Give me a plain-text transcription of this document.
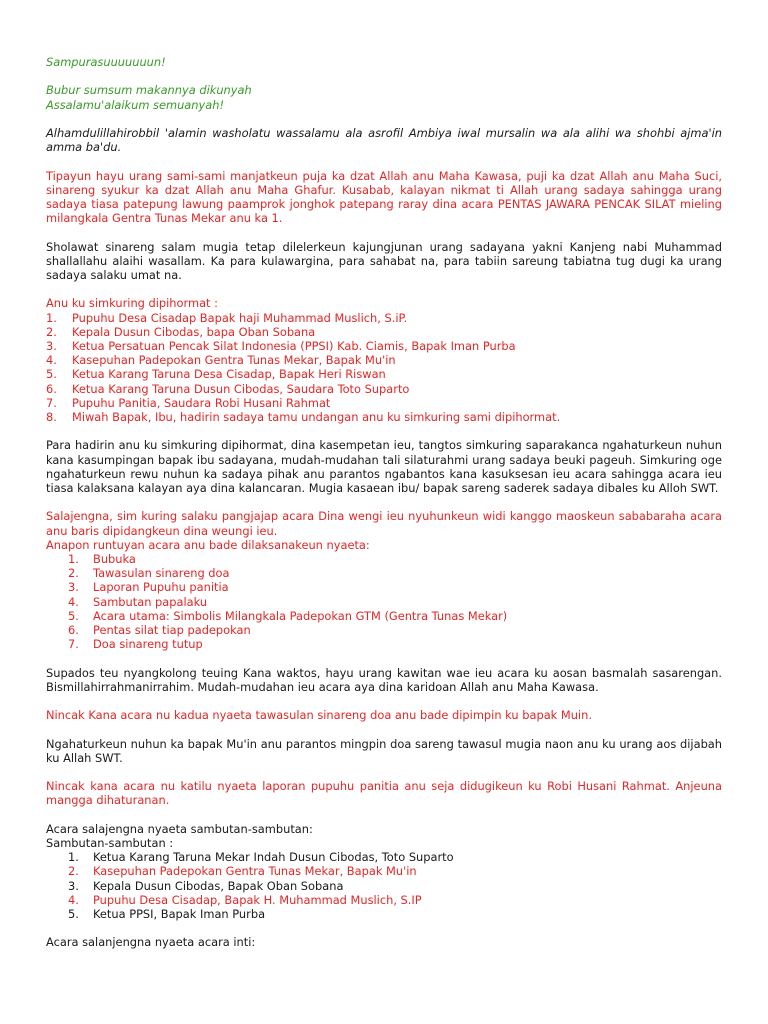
Sampurasuuuuuuun!

Bubur sumsum makannya dikunyah

Assalamu'alaikum semuanyah!

Alhamdulillahirobbil 'alamin washolatu wassalamu ala asrofil Ambiya iwal mursalin wa ala alihi wa shohbi ajma'in amma ba'du.

Tipayun hayu urang sami-sami manjatkeun puja ka dzat Allah anu Maha Kawasa, puji ka dzat Allah anu Maha Suci, sinareng syukur ka dzat Allah anu Maha Ghafur. Kusabab, kalayan nikmat ti Allah urang sadaya sahingga urang sadaya tiasa patepung lawung paamprok jonghok patepang raray dina acara PENTAS JAWARA PENCAK SILAT mieling milangkala Gentra Tunas Mekar anu ka 1.

Sholawat sinareng salam mugia tetap dilelerkeun kajungjunan urang sadayana yakni Kanjeng nabi Muhammad shallallahu alaihi wasallam. Ka para kulawargina, para sahabat na, para tabiin sareung tabiatna tug dugi ka urang sadaya salaku umat na.

Anu ku simkuring dipihormat :

1.	Pupuhu Desa Cisadap Bapak haji Muhammad Muslich, S.iP.
2.	Kepala Dusun Cibodas, bapa Oban Sobana
3.	Ketua Persatuan Pencak Silat Indonesia (PPSI) Kab. Ciamis, Bapak Iman Purba
4.	Kasepuhan Padepokan Gentra Tunas Mekar, Bapak Mu'in
5.	Ketua Karang Taruna Desa Cisadap, Bapak Heri Riswan
6.	Ketua Karang Taruna Dusun Cibodas, Saudara Toto Suparto
7.	Pupuhu Panitia, Saudara Robi Husani Rahmat
8.	Miwah Bapak, Ibu, hadirin sadaya tamu undangan anu ku simkuring sami dipihormat.

Para hadirin anu ku simkuring dipihormat, dina kasempetan ieu, tangtos simkuring saparakanca ngahaturkeun nuhun kana kasumpingan bapak ibu sadayana, mudah-mudahan tali silaturahmi urang sadaya beuki pageuh. Simkuring oge ngahaturkeun rewu nuhun ka sadaya pihak anu parantos ngabantos kana kasuksesan ieu acara sahingga acara ieu tiasa kalaksana kalayan aya dina kalancaran. Mugia kasaean ibu/ bapak sareng saderek sadaya dibales ku Alloh SWT.

Salajengna, sim kuring salaku pangjajap acara Dina wengi ieu nyuhunkeun widi kanggo maoskeun sababaraha acara anu baris dipidangkeun dina weungi ieu.

Anapon runtuyan acara anu bade dilaksanakeun nyaeta:

1.	Bubuka
2.	Tawasulan sinareng doa
3.	Laporan Pupuhu panitia
4.	Sambutan papalaku
5.	Acara utama: Simbolis Milangkala Padepokan GTM (Gentra Tunas Mekar)
6.	Pentas silat tiap padepokan
7.	Doa sinareng tutup

Supados teu nyangkolong teuing Kana waktos, hayu urang kawitan wae ieu acara ku aosan basmalah sasarengan. Bismillahirrahmanirrahim. Mudah-mudahan ieu acara aya dina karidoan Allah anu Maha Kawasa.

Nincak Kana acara nu kadua nyaeta tawasulan sinareng doa anu bade dipimpin ku bapak Muin.

Ngahaturkeun nuhun ka bapak Mu'in anu parantos mingpin doa sareng tawasul mugia naon anu ku urang aos dijabah ku Allah SWT.

Nincak kana acara nu katilu nyaeta laporan pupuhu panitia anu seja didugikeun ku Robi Husani Rahmat. Anjeuna mangga dihaturanan.

Acara salajengna nyaeta sambutan-sambutan:

Sambutan-sambutan :

1.	Ketua Karang Taruna Mekar Indah Dusun Cibodas, Toto Suparto
2.	Kasepuhan Padepokan Gentra Tunas Mekar, Bapak Mu'in
3.	Kepala Dusun Cibodas, Bapak Oban Sobana
4.	Pupuhu Desa Cisadap, Bapak H. Muhammad Muslich, S.IP
5.	Ketua PPSI, Bapak Iman Purba

Acara salanjengna nyaeta acara inti:
